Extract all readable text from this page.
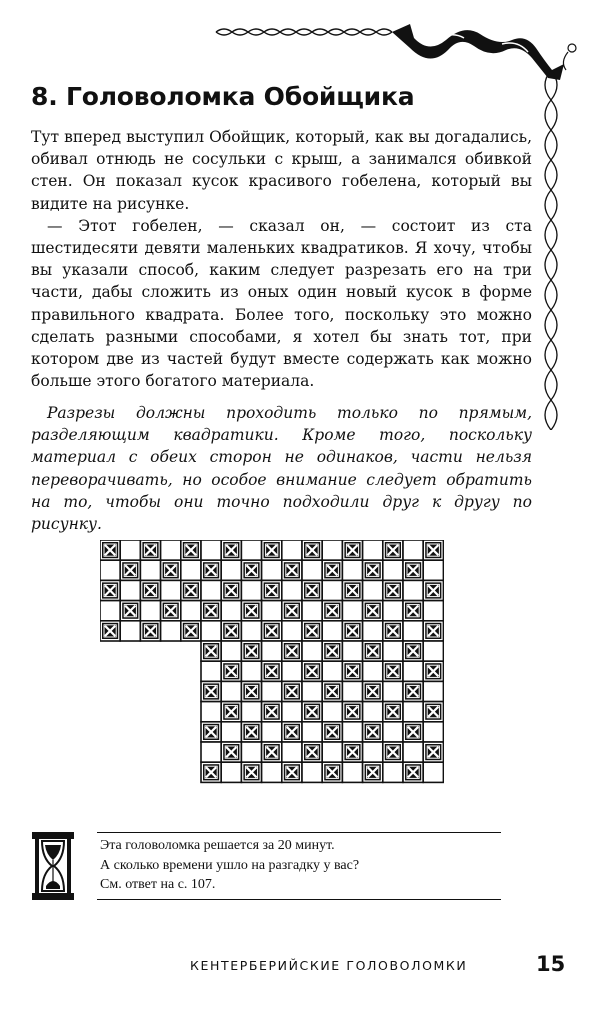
8. Головоломка Обойщика

Тут вперед выступил Обойщик, который, как вы догадались, обивал отнюдь не сосульки с крыш, а занимался обивкой стен. Он показал кусок красивого гобелена, который вы видите на рисунке.

— Этот гобелен, — сказал он, — состоит из ста шестидесяти девяти маленьких квадратиков. Я хочу, чтобы вы указали способ, каким следует разрезать его на три части, дабы сложить из оных один новый кусок в форме правильного квадрата. Более того, поскольку это можно сделать разными способами, я хотел бы знать тот, при котором две из частей будут вместе содержать как можно больше этого богатого материала.

Разрезы должны проходить только по прямым, разделяющим квадратики. Кроме того, поскольку материал с обеих сторон не одинаков, части нельзя переворачивать, но особое внимание следует обратить на то, чтобы они точно подходили друг к другу по рисунку.

Эта головоломка решается за 20 минут.
А сколько времени ушло на разгадку у вас?
См. ответ на с. 107.
КЕНТЕРБЕРИЙСКИЕ ГОЛОВОЛОМКИ	15
